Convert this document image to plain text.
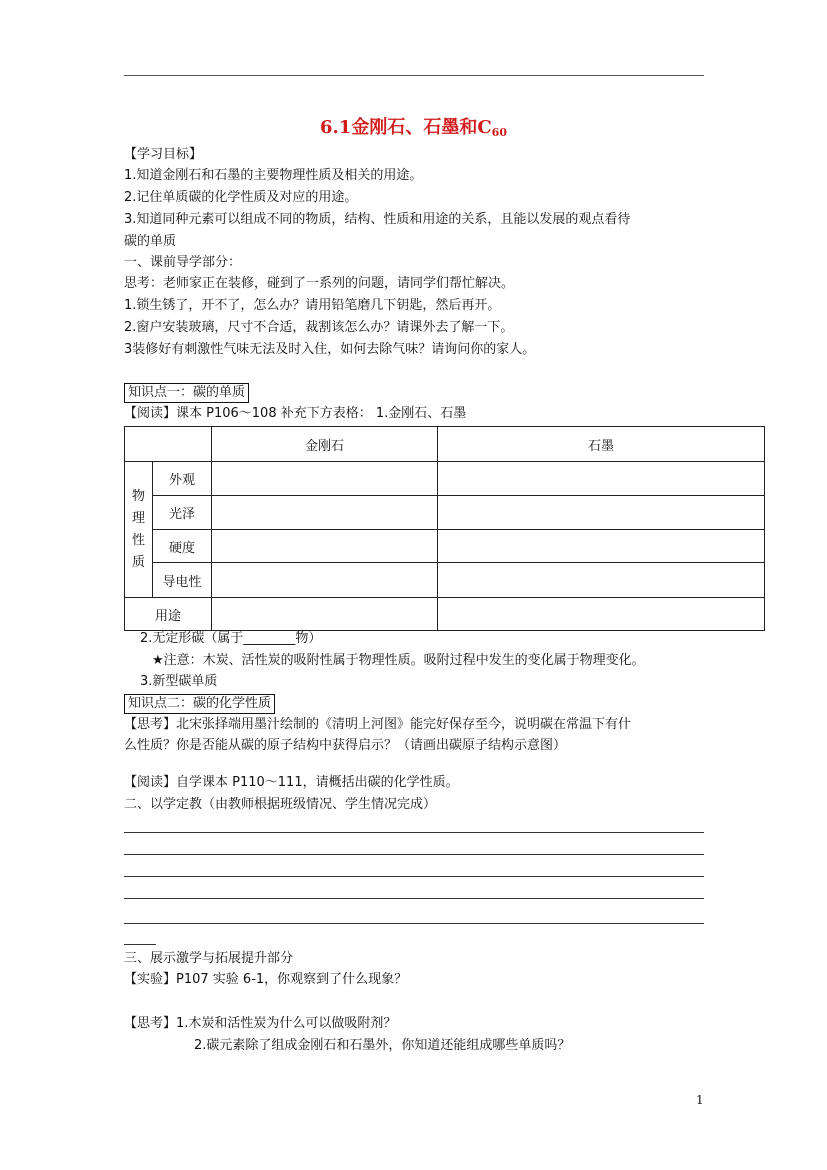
6.1金刚石、石墨和$C_{60}$
【学习目标】
1.知道金刚石和石墨的主要物理性质及相关的用途。
2.记住单质碳的化学性质及对应的用途。
3.知道同种元素可以组成不同的物质，结构、性质和用途的关系，且能以发展的观点看待
碳的单质
一、课前导学部分：
思考：老师家正在装修，碰到了一系列的问题，请同学们帮忙解决。
1.锁生锈了，开不了，怎么办？请用铅笔磨几下钥匙，然后再开。
2.窗户安装玻璃，尺寸不合适，裁割该怎么办？请课外去了解一下。
3装修好有刺激性气味无法及时入住，如何去除气味？请询问你的家人。
知识点一：碳的单质
【阅读】课本 P106～108 补充下方表格： 1.金刚石、石墨
		金刚石	石墨

物
理
性
质	外观		
	光泽		
	硬度		
	导电性		
用途			
2.无定形碳（属于________物）
★注意：木炭、活性炭的吸附性属于物理性质。吸附过程中发生的变化属于物理变化。
3.新型碳单质
知识点二：碳的化学性质
【思考】北宋张择端用墨汁绘制的《清明上河图》能完好保存至今，说明碳在常温下有什
么性质？你是否能从碳的原子结构中获得启示？（请画出碳原子结构示意图）
【阅读】自学课本 P110～111，请概括出碳的化学性质。
二、以学定教（由教师根据班级情况、学生情况完成）
三、展示激学与拓展提升部分
【实验】P107 实验 6-1，你观察到了什么现象？
【思考】1.木炭和活性炭为什么可以做吸附剂？
2.碳元素除了组成金刚石和石墨外，你知道还能组成哪些单质吗？
1
